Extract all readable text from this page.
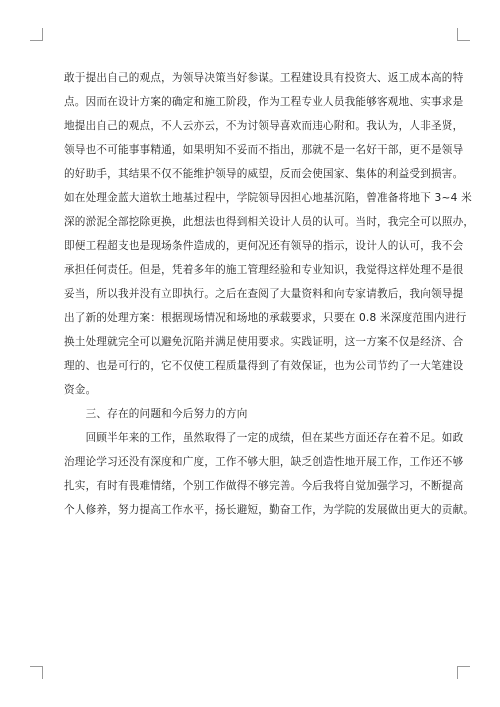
敢于提出自己的观点，为领导决策当好参谋。工程建设具有投资大、返工成本高的特
点。因而在设计方案的确定和施工阶段，作为工程专业人员我能够客观地、实事求是
地提出自己的观点，不人云亦云，不为讨领导喜欢而违心附和。我认为，人非圣贤，
领导也不可能事事精通，如果明知不妥而不指出，那就不是一名好干部，更不是领导
的好助手，其结果不仅不能维护领导的威望，反而会使国家、集体的利益受到损害。
如在处理金蓝大道软土地基过程中，学院领导因担心地基沉陷，曾准备将地下 3~4 米
深的淤泥全部挖除更换，此想法也得到相关设计人员的认可。当时，我完全可以照办，
即便工程超支也是现场条件造成的，更何况还有领导的指示，设计人的认可，我不会
承担任何责任。但是，凭着多年的施工管理经验和专业知识，我觉得这样处理不是很
妥当，所以我并没有立即执行。之后在查阅了大量资料和向专家请教后，我向领导提
出了新的处理方案：根据现场情况和场地的承载要求，只要在 0.8 米深度范围内进行
换土处理就完全可以避免沉陷并满足使用要求。实践证明，这一方案不仅是经济、合
理的、也是可行的，它不仅使工程质量得到了有效保证，也为公司节约了一大笔建设
资金。
　　三、存在的问题和今后努力的方向
　　回顾半年来的工作，虽然取得了一定的成绩，但在某些方面还存在着不足。如政
治理论学习还没有深度和广度，工作不够大胆，缺乏创造性地开展工作，工作还不够
扎实，有时有畏难情绪，个别工作做得不够完善。今后我将自觉加强学习，不断提高
个人修养，努力提高工作水平，扬长避短，勤奋工作，为学院的发展做出更大的贡献。
